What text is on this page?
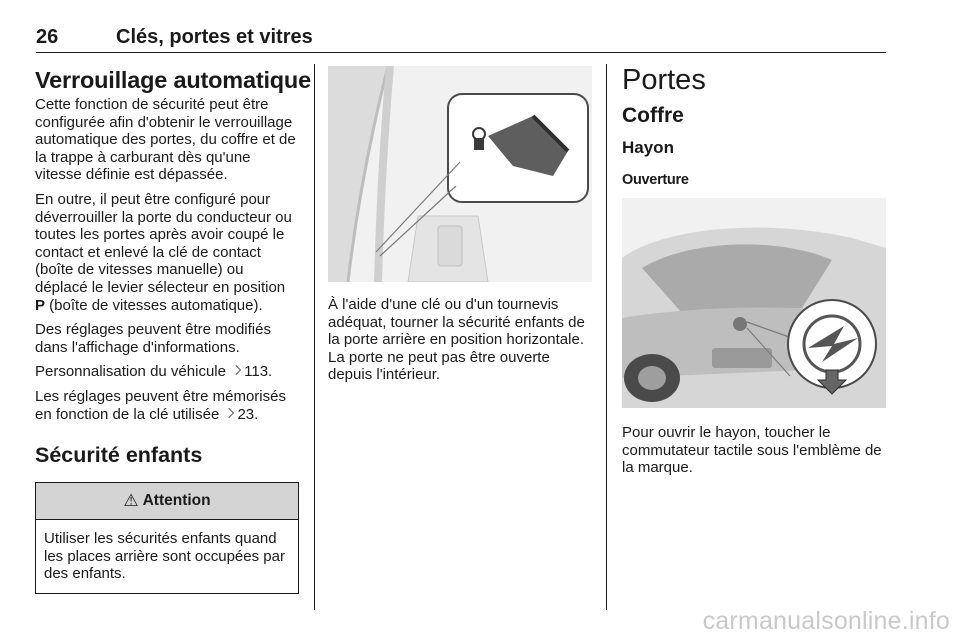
26	Clés, portes et vitres
Verrouillage automatique

Cette fonction de sécurité peut être configurée afin d'obtenir le verrouillage automatique des portes, du coffre et de la trappe à carburant dès qu'une vitesse définie est dépassée.

En outre, il peut être configuré pour déverrouiller la porte du conducteur ou toutes les portes après avoir coupé le contact et enlevé la clé de contact (boîte de vitesses manuelle) ou déplacé le levier sélecteur en position P (boîte de vitesses automatique).

Des réglages peuvent être modifiés dans l'affichage d'informations.

Personnalisation du véhicule 113.

Les réglages peuvent être mémorisés en fonction de la clé utilisée 23.

Sécurité enfants
⚠ Attention
Utiliser les sécurités enfants quand les places arrière sont occupées par des enfants.

À l'aide d'une clé ou d'un tournevis adéquat, tourner la sécurité enfants de la porte arrière en position horizontale. La porte ne peut pas être ouverte depuis l'intérieur.

Portes
Coffre
Hayon
Ouverture

Pour ouvrir le hayon, toucher le commutateur tactile sous l'emblème de la marque.

carmanualsonline.info
